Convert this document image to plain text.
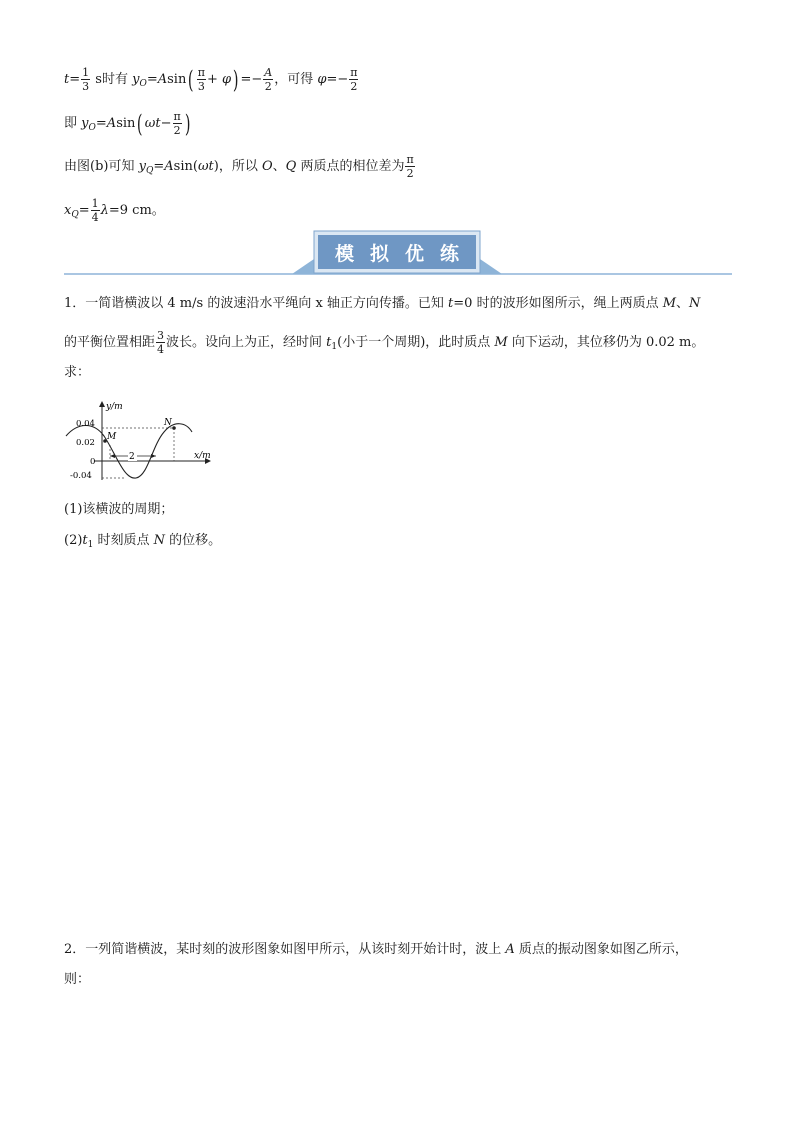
$t= \frac{1}{3}$ s时有 $y_O=Asin( \frac{\pi}{3} + \varphi) =- \frac{A}{2}$ ，可得 $\varphi=- \frac{\pi}{2}$
即 $y_O=Asin$( $\omega t- \frac{\pi}{2}$ )
由图(b)可知 $y_Q=Asin(\omega t)$，所以 O、Q 两质点的相位差为 $\frac{\pi}{2}$
$x_Q= \frac{1}{4} \lambda=9$ cm。
模拟优练
1．一简谐横波以 4 m/s 的波速沿水平绳向 x 轴正方向传播。已知 t=0 时的波形如图所示，绳上两质点 M、N
的平衡位置相距 $\frac{3}{4}$ 波长。设向上为正，经时间 $t_1$(小于一个周期)，此时质点 M 向下运动，其位移仍为 0.02 m。
求：
y/m
x/m
0.04
0.02
0
-0.04
M
N
2
(1)该横波的周期；
$(2)t_1$ 时刻质点 N 的位移。
2．一列简谐横波，某时刻的波形图象如图甲所示，从该时刻开始计时，波上 A 质点的振动图象如图乙所示，
则：
